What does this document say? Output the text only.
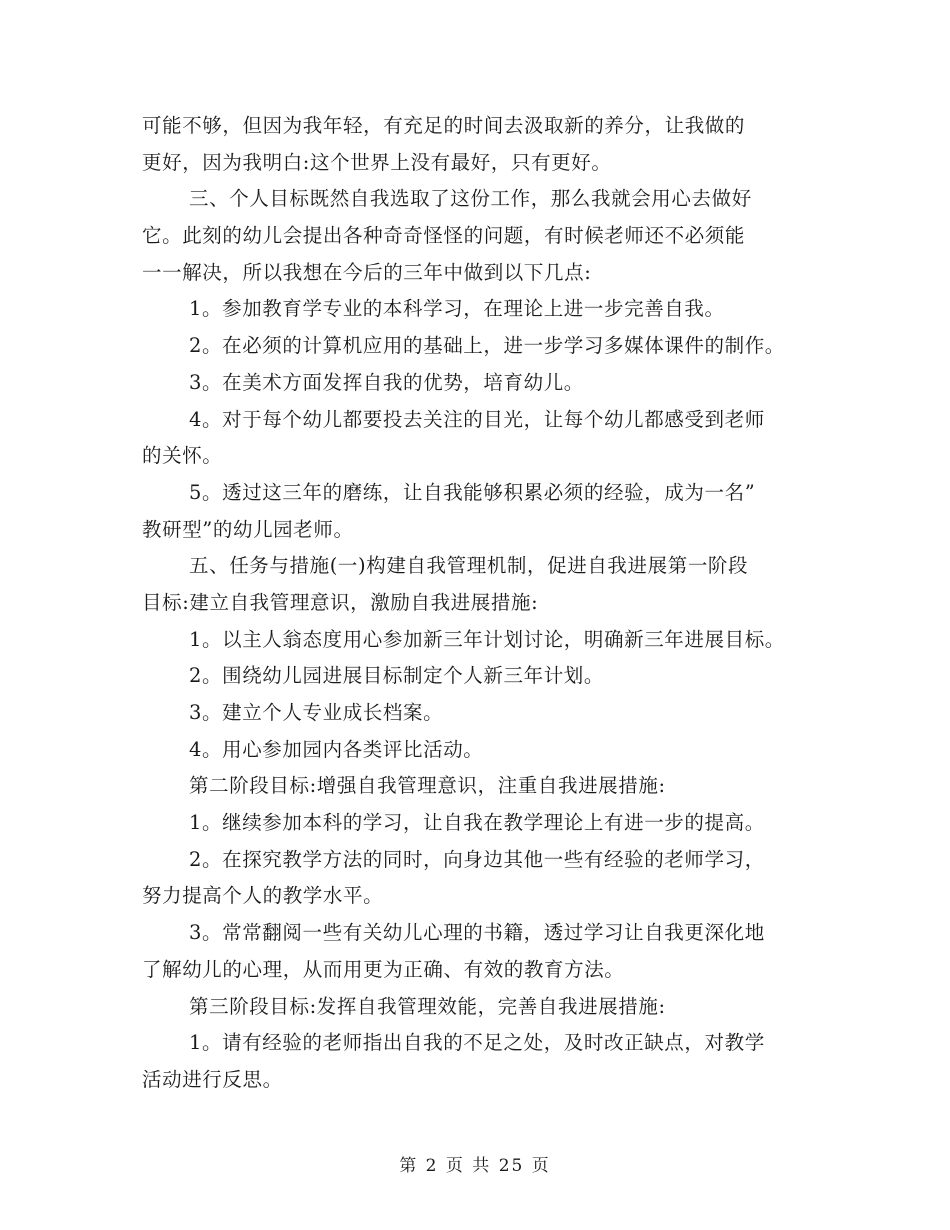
可能不够，但因为我年轻，有充足的时间去汲取新的养分，让我做的
更好，因为我明白:这个世界上没有最好，只有更好。
三、个人目标既然自我选取了这份工作，那么我就会用心去做好
它。此刻的幼儿会提出各种奇奇怪怪的问题，有时候老师还不必须能
一一解决，所以我想在今后的三年中做到以下几点:
1。参加教育学专业的本科学习，在理论上进一步完善自我。
2。在必须的计算机应用的基础上，进一步学习多媒体课件的制作。
3。在美术方面发挥自我的优势，培育幼儿。
4。对于每个幼儿都要投去关注的目光，让每个幼儿都感受到老师
的关怀。
5。透过这三年的磨练，让自我能够积累必须的经验，成为一名”
教研型”的幼儿园老师。
五、任务与措施(一)构建自我管理机制，促进自我进展第一阶段
目标:建立自我管理意识，激励自我进展措施:
1。以主人翁态度用心参加新三年计划讨论，明确新三年进展目标。
2。围绕幼儿园进展目标制定个人新三年计划。
3。建立个人专业成长档案。
4。用心参加园内各类评比活动。
第二阶段目标:增强自我管理意识，注重自我进展措施:
1。继续参加本科的学习，让自我在教学理论上有进一步的提高。
2。在探究教学方法的同时，向身边其他一些有经验的老师学习，
努力提高个人的教学水平。
3。常常翻阅一些有关幼儿心理的书籍，透过学习让自我更深化地
了解幼儿的心理，从而用更为正确、有效的教育方法。
第三阶段目标:发挥自我管理效能，完善自我进展措施:
1。请有经验的老师指出自我的不足之处，及时改正缺点，对教学
活动进行反思。
第 2 页 共 25 页
